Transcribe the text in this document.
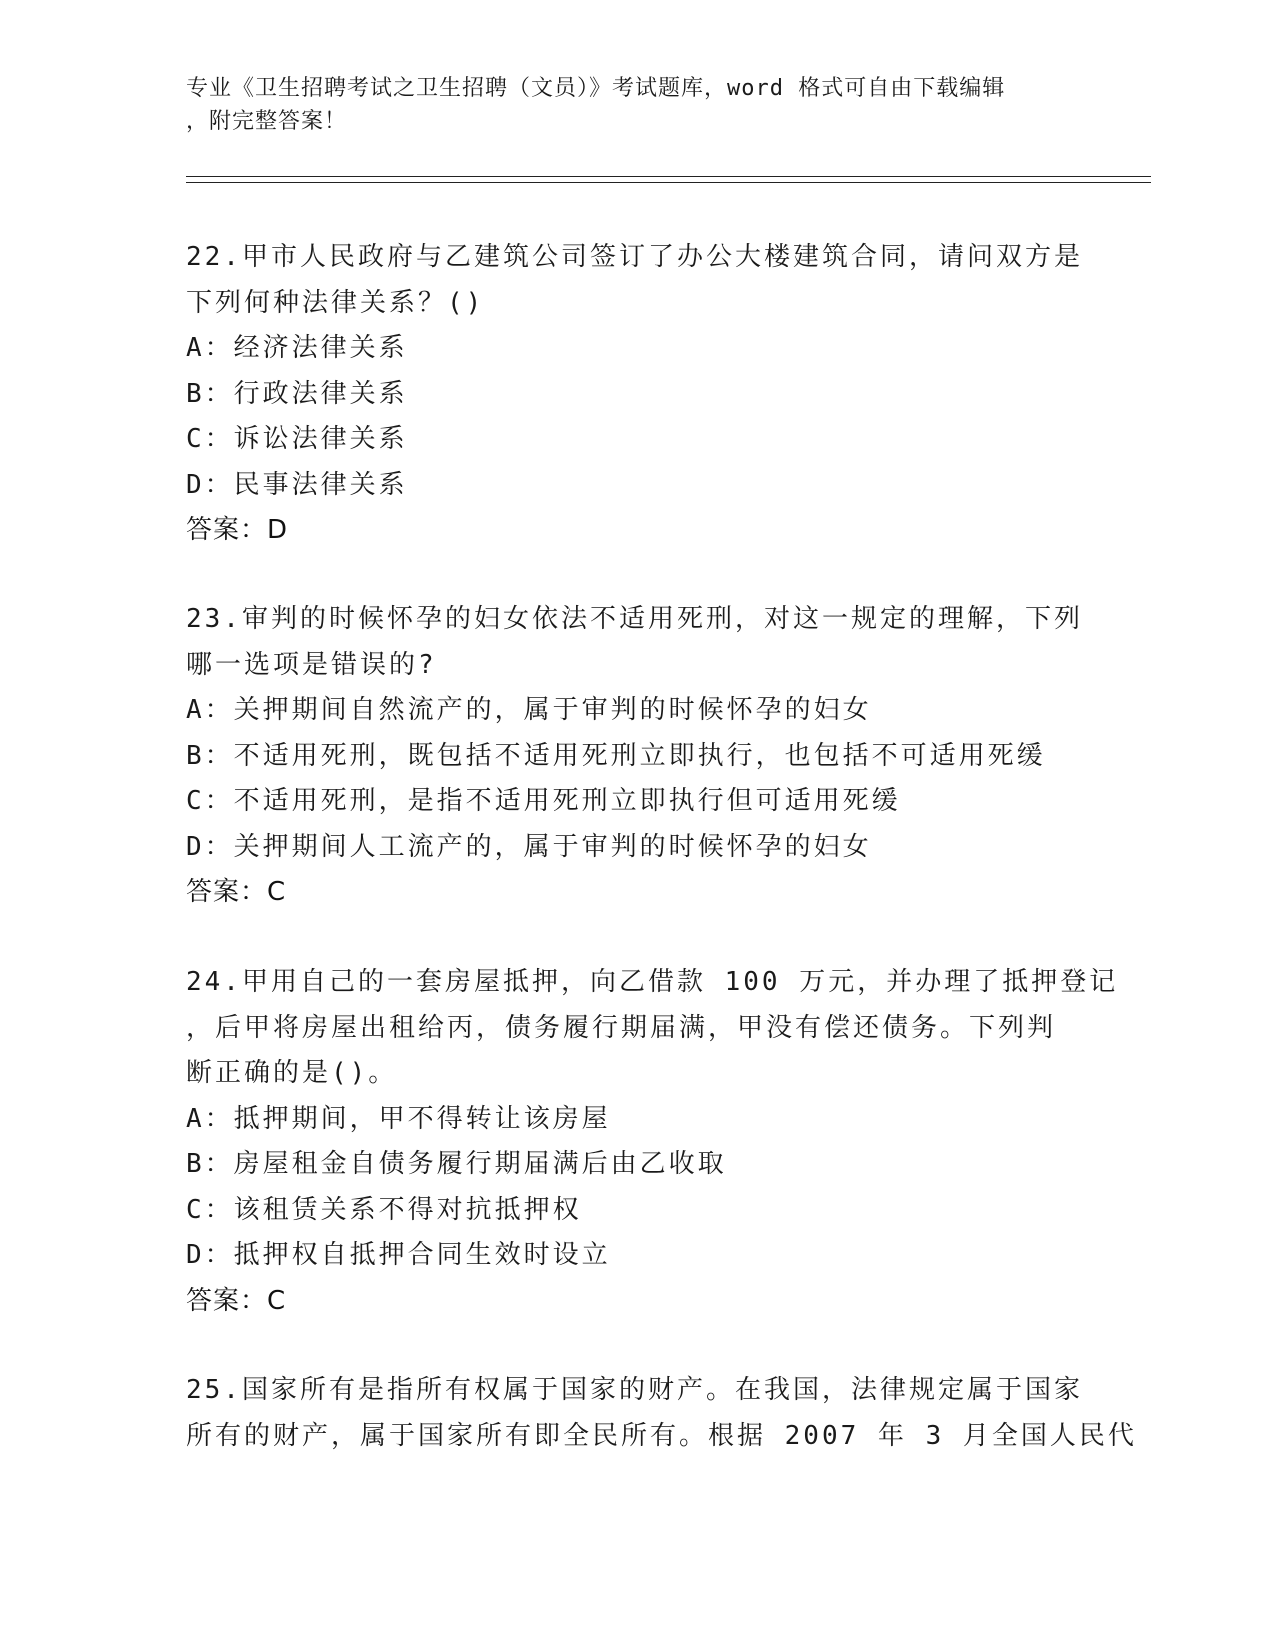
专业《卫生招聘考试之卫生招聘（文员）》考试题库，word 格式可自由下载编辑
，附完整答案！
22.甲市人民政府与乙建筑公司签订了办公大楼建筑合同，请问双方是
下列何种法律关系？()
A：经济法律关系
B：行政法律关系
C：诉讼法律关系
D：民事法律关系
答案：D
23.审判的时候怀孕的妇女依法不适用死刑，对这一规定的理解，下列
哪一选项是错误的?
A：关押期间自然流产的，属于审判的时候怀孕的妇女
B：不适用死刑，既包括不适用死刑立即执行，也包括不可适用死缓
C：不适用死刑，是指不适用死刑立即执行但可适用死缓
D：关押期间人工流产的，属于审判的时候怀孕的妇女
答案：C
24.甲用自己的一套房屋抵押，向乙借款 100 万元，并办理了抵押登记
，后甲将房屋出租给丙，债务履行期届满，甲没有偿还债务。下列判
断正确的是()。
A：抵押期间，甲不得转让该房屋
B：房屋租金自债务履行期届满后由乙收取
C：该租赁关系不得对抗抵押权
D：抵押权自抵押合同生效时设立
答案：C
25.国家所有是指所有权属于国家的财产。在我国，法律规定属于国家
所有的财产，属于国家所有即全民所有。根据 2007 年 3 月全国人民代
